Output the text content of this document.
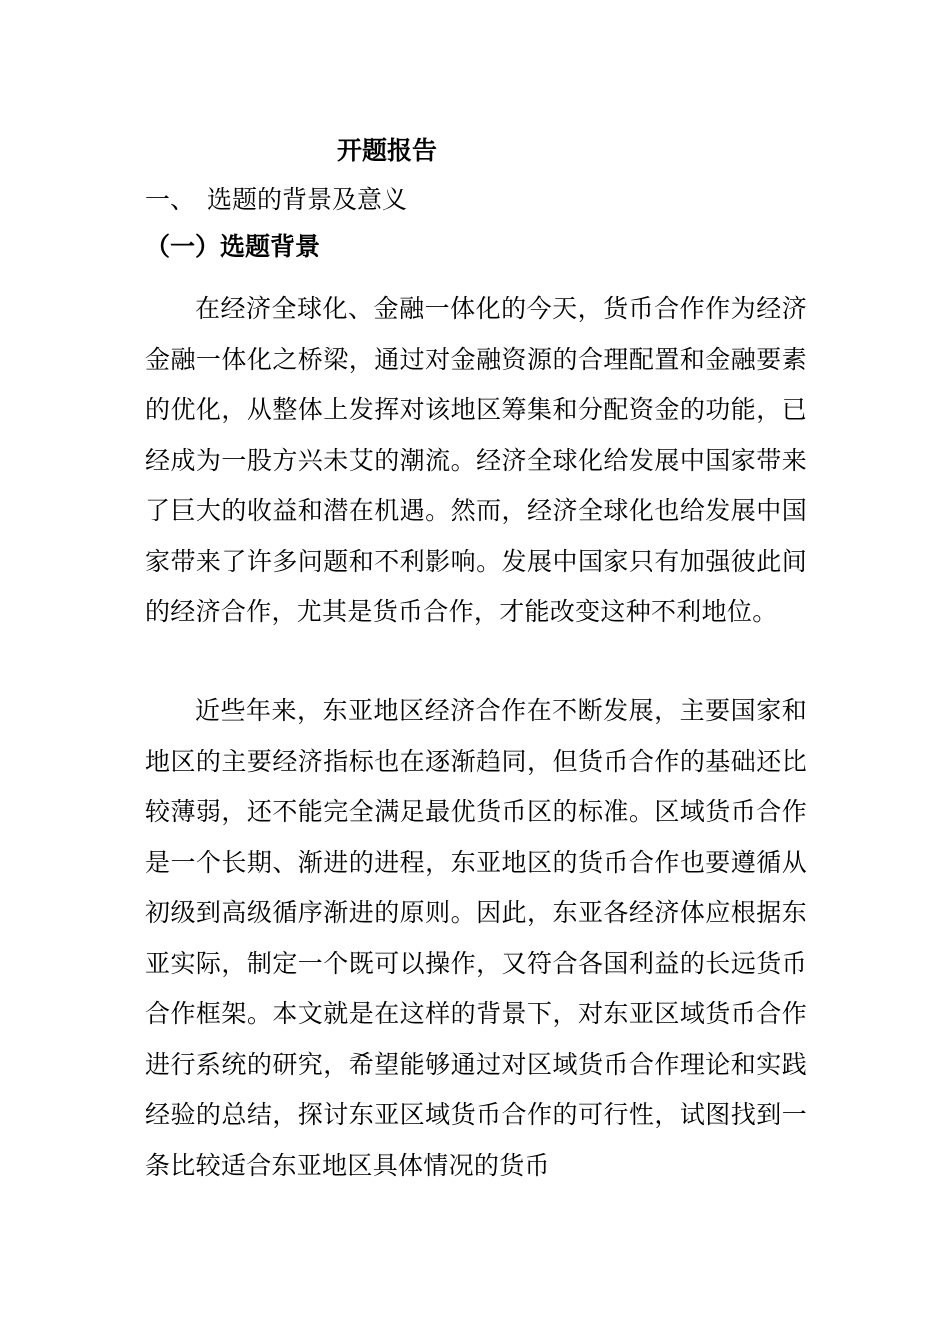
开题报告
一、 选题的背景及意义
（一）选题背景

在经济全球化、金融一体化的今天，货币合作作为经济金融一体化之桥梁，通过对金融资源的合理配置和金融要素的优化，从整体上发挥对该地区筹集和分配资金的功能，已经成为一股方兴未艾的潮流。经济全球化给发展中国家带来了巨大的收益和潜在机遇。然而，经济全球化也给发展中国家带来了许多问题和不利影响。发展中国家只有加强彼此间的经济合作，尤其是货币合作，才能改变这种不利地位。

近些年来，东亚地区经济合作在不断发展，主要国家和地区的主要经济指标也在逐渐趋同，但货币合作的基础还比较薄弱，还不能完全满足最优货币区的标准。区域货币合作是一个长期、渐进的进程，东亚地区的货币合作也要遵循从初级到高级循序渐进的原则。因此，东亚各经济体应根据东亚实际，制定一个既可以操作，又符合各国利益的长远货币合作框架。本文就是在这样的背景下，对东亚区域货币合作进行系统的研究，希望能够通过对区域货币合作理论和实践经验的总结，探讨东亚区域货币合作的可行性，试图找到一条比较适合东亚地区具体情况的货币
